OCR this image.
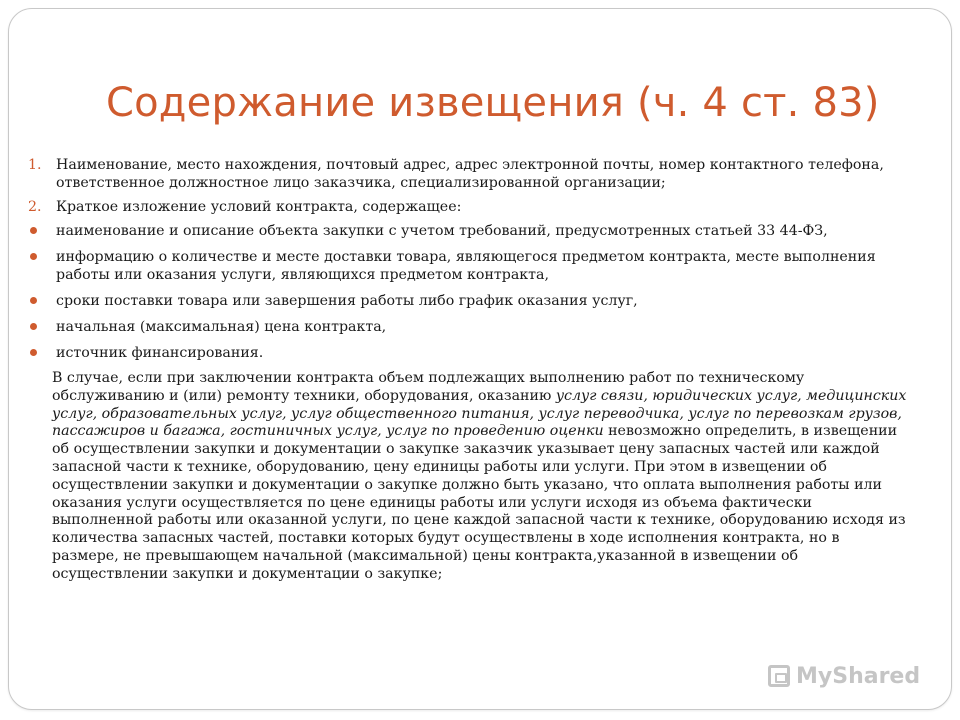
Содержание извещения (ч. 4 ст. 83)
1. Наименование, место нахождения, почтовый адрес, адрес электронной почты, номер контактного телефона, ответственное должностное лицо заказчика, специализированной организации;
2. Краткое изложение условий контракта, содержащее:
наименование и описание объекта закупки с учетом требований, предусмотренных статьей 33 44-ФЗ,
информацию о количестве и месте доставки товара, являющегося предметом контракта, месте выполнения работы или оказания услуги, являющихся предметом контракта,
сроки поставки товара или завершения работы либо график оказания услуг,
начальная (максимальная) цена контракта,
источник финансирования.
В случае, если при заключении контракта объем подлежащих выполнению работ по техническому обслуживанию и (или) ремонту техники, оборудования, оказанию услуг связи, юридических услуг, медицинских услуг, образовательных услуг, услуг общественного питания, услуг переводчика, услуг по перевозкам грузов, пассажиров и багажа, гостиничных услуг, услуг по проведению оценки невозможно определить, в извещении об осуществлении закупки и документации о закупке заказчик указывает цену запасных частей или каждой запасной части к технике, оборудованию, цену единицы работы или услуги. При этом в извещении об осуществлении закупки и документации о закупке должно быть указано, что оплата выполнения работы или оказания услуги осуществляется по цене единицы работы или услуги исходя из объема фактически выполненной работы или оказанной услуги, по цене каждой запасной части к технике, оборудованию исходя из количества запасных частей, поставки которых будут осуществлены в ходе исполнения контракта, но в размере, не превышающем начальной (максимальной) цены контракта,указанной в извещении об осуществлении закупки и документации о закупке;
MyShared
